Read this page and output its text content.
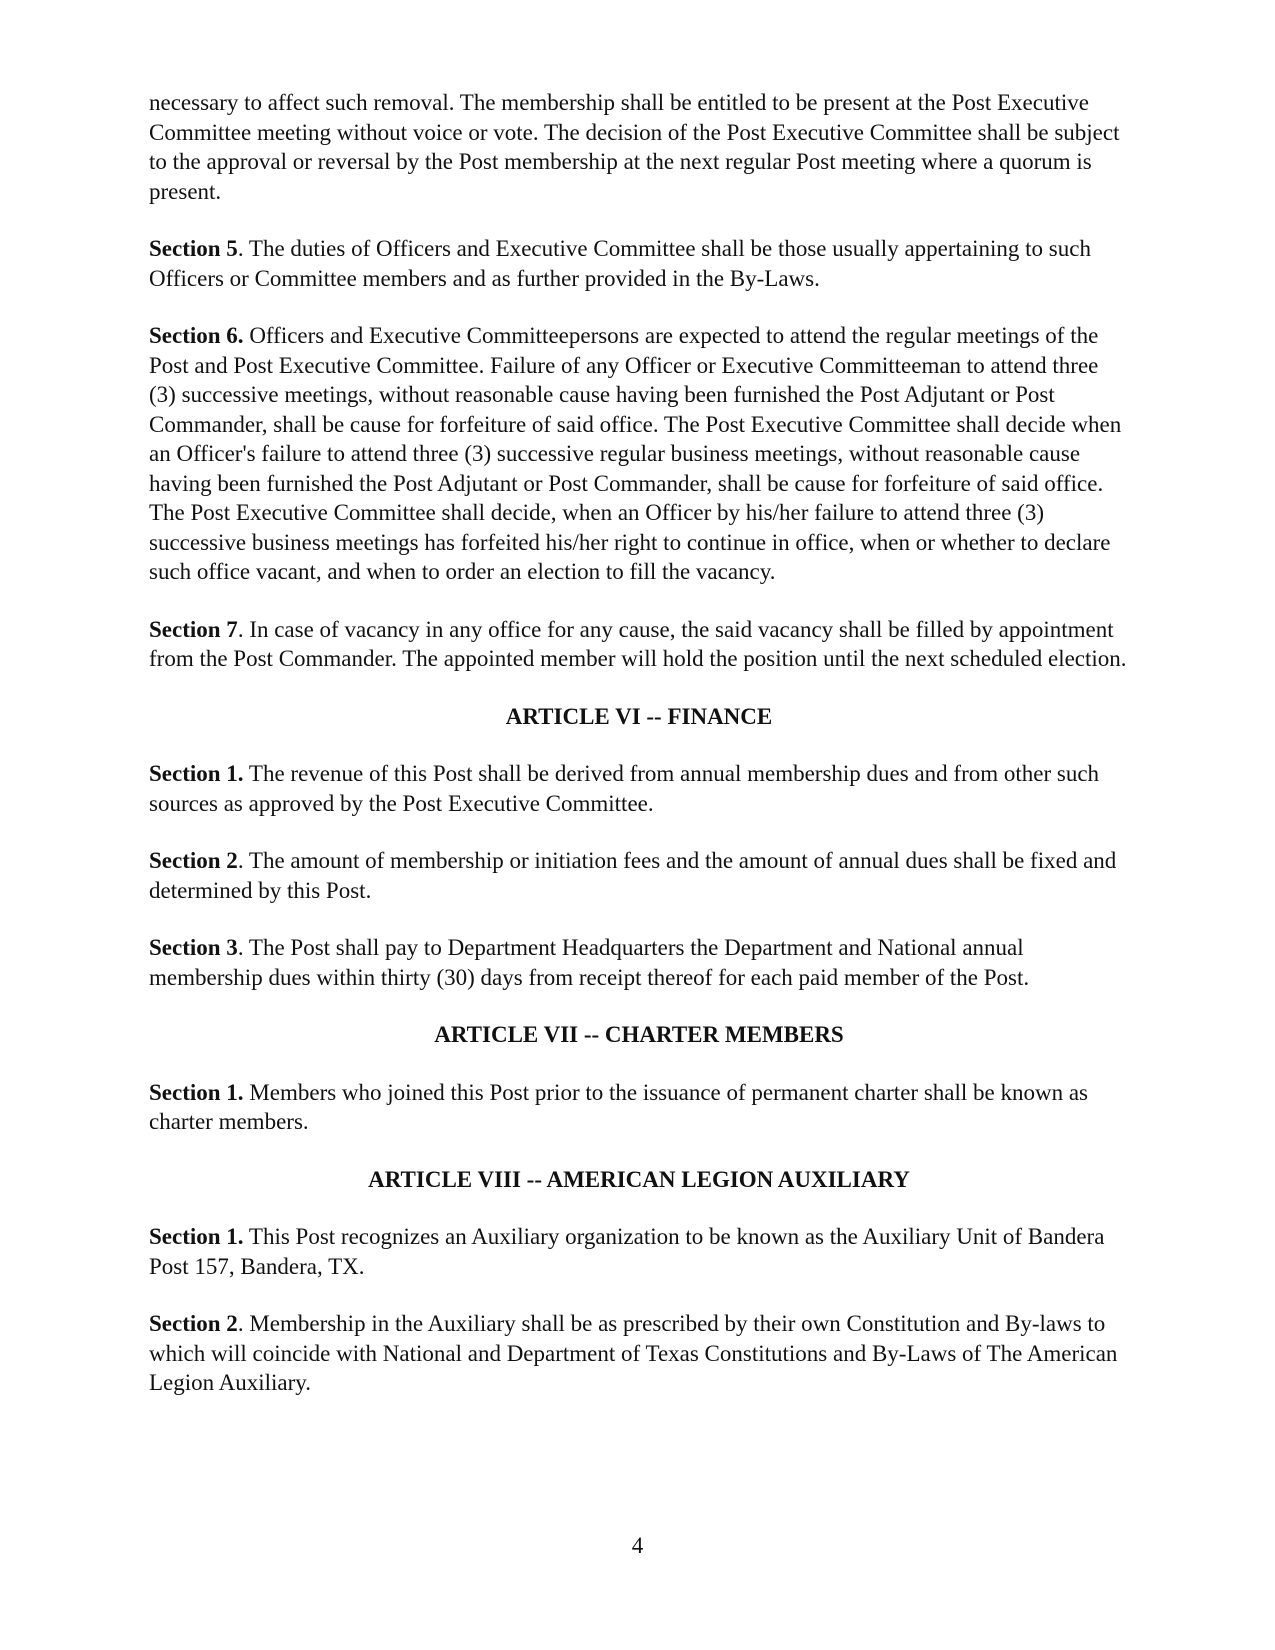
necessary to affect such removal. The membership shall be entitled to be present at the Post Executive Committee meeting without voice or vote. The decision of the Post Executive Committee shall be subject to the approval or reversal by the Post membership at the next regular Post meeting where a quorum is present.

Section 5. The duties of Officers and Executive Committee shall be those usually appertaining to such Officers or Committee members and as further provided in the By-Laws.

Section 6. Officers and Executive Committeepersons are expected to attend the regular meetings of the Post and Post Executive Committee. Failure of any Officer or Executive Committeeman to attend three (3) successive meetings, without reasonable cause having been furnished the Post Adjutant or Post Commander, shall be cause for forfeiture of said office. The Post Executive Committee shall decide when an Officer's failure to attend three (3) successive regular business meetings, without reasonable cause having been furnished the Post Adjutant or Post Commander, shall be cause for forfeiture of said office. The Post Executive Committee shall decide, when an Officer by his/her failure to attend three (3) successive business meetings has forfeited his/her right to continue in office, when or whether to declare such office vacant, and when to order an election to fill the vacancy.

Section 7. In case of vacancy in any office for any cause, the said vacancy shall be filled by appointment from the Post Commander. The appointed member will hold the position until the next scheduled election.

ARTICLE VI -- FINANCE

Section 1. The revenue of this Post shall be derived from annual membership dues and from other such sources as approved by the Post Executive Committee.

Section 2. The amount of membership or initiation fees and the amount of annual dues shall be fixed and determined by this Post.

Section 3. The Post shall pay to Department Headquarters the Department and National annual membership dues within thirty (30) days from receipt thereof for each paid member of the Post.

ARTICLE VII -- CHARTER MEMBERS

Section 1. Members who joined this Post prior to the issuance of permanent charter shall be known as charter members.

ARTICLE VIII -- AMERICAN LEGION AUXILIARY

Section 1. This Post recognizes an Auxiliary organization to be known as the Auxiliary Unit of Bandera Post 157, Bandera, TX.

Section 2. Membership in the Auxiliary shall be as prescribed by their own Constitution and By-laws to which will coincide with National and Department of Texas Constitutions and By-Laws of The American Legion Auxiliary.

4
